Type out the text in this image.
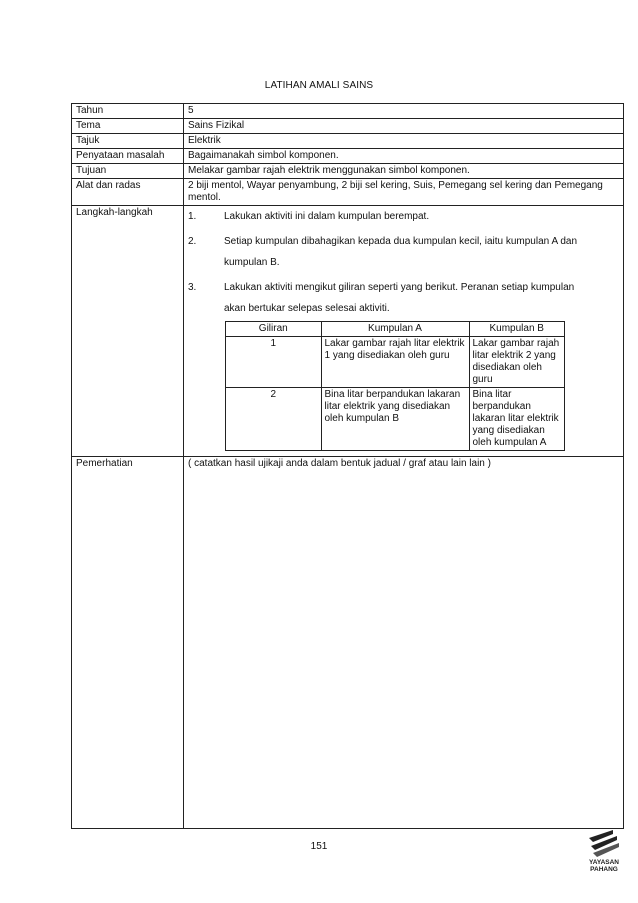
LATIHAN AMALI SAINS
Tahun	5
Tema	Sains Fizikal
Tajuk	Elektrik
Penyataan masalah	Bagaimanakah simbol komponen.
Tujuan	Melakar gambar rajah elektrik menggunakan simbol komponen.
Alat dan radas	2 biji mentol, Wayar penyambung, 2 biji sel kering, Suis, Pemegang sel kering dan Pemegang mentol.
Langkah-langkah	1.	Lakukan aktiviti ini dalam kumpulan berempat.
2.	Setiap kumpulan dibahagikan kepada dua kumpulan kecil, iaitu kumpulan A dan
kumpulan B.
3.	Lakukan aktiviti mengikut giliran seperti yang berikut. Peranan setiap kumpulan
akan bertukar selepas selesai aktiviti.
Giliran	Kumpulan A	Kumpulan B
1	Lakar gambar rajah litar elektrik 1 yang disediakan oleh guru	Lakar gambar rajah litar elektrik 2 yang disediakan oleh guru
2	Bina litar berpandukan lakaran litar elektrik yang disediakan oleh kumpulan B	Bina litar berpandukan lakaran litar elektrik yang disediakan oleh kumpulan A

Pemerhatian	( catatkan hasil ujikaji anda dalam bentuk jadual / graf atau lain lain )
151
YAYASAN
PAHANG
